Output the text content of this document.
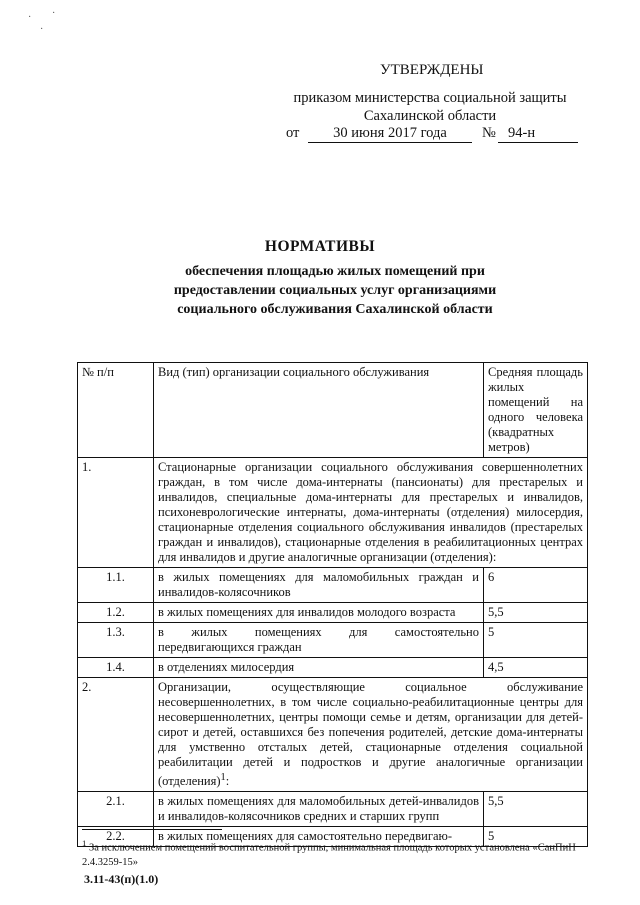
· ·
·
УТВЕРЖДЕНЫ
приказом министерства социальной защиты
Сахалинской области
от	30 июня 2017 года	№ 94-н
НОРМАТИВЫ
обеспечения площадью жилых помещений при предоставлении социальных услуг организациями социального обслуживания Сахалинской области
№ п/п	Вид (тип) организации социального обслуживания	Средняя площадь жилых помещений на одного человека (квадратных метров)
1.	Стационарные организации социального обслуживания совершеннолетних граждан, в том числе дома-интернаты (пансионаты) для престарелых и инвалидов, специальные дома-интернаты для престарелых и инвалидов, психоневрологические интернаты, дома-интернаты (отделения) милосердия, стационарные отделения социального обслуживания инвалидов (престарелых граждан и инвалидов), стационарные отделения в реабилитационных центрах для инвалидов и другие аналогичные организации (отделения):	
1.1.	в жилых помещениях для маломобильных граждан и инвалидов-колясочников	6
1.2.	в жилых помещениях для инвалидов молодого возраста	5,5
1.3.	в жилых помещениях для самостоятельно передвигающихся граждан	5
1.4.	в отделениях милосердия	4,5
2.	Организации, осуществляющие социальное обслуживание несовершеннолетних, в том числе социально-реабилитационные центры для несовершеннолетних, центры помощи семье и детям, организации для детей-сирот и детей, оставшихся без попечения родителей, детские дома-интернаты для умственно отсталых детей, стационарные отделения социальной реабилитации детей и подростков и другие аналогичные организации (отделения)$^1$:	
2.1.	в жилых помещениях для маломобильных детей-инвалидов и инвалидов-колясочников средних и старших групп	5,5
2.2.	в жилых помещениях для самостоятельно передвигаю-	5
$^1$ За исключением помещений воспитательной группы, минимальная площадь которых установлена «СанПиН 2.4.3259-15»
3.11-43(п)(1.0)
